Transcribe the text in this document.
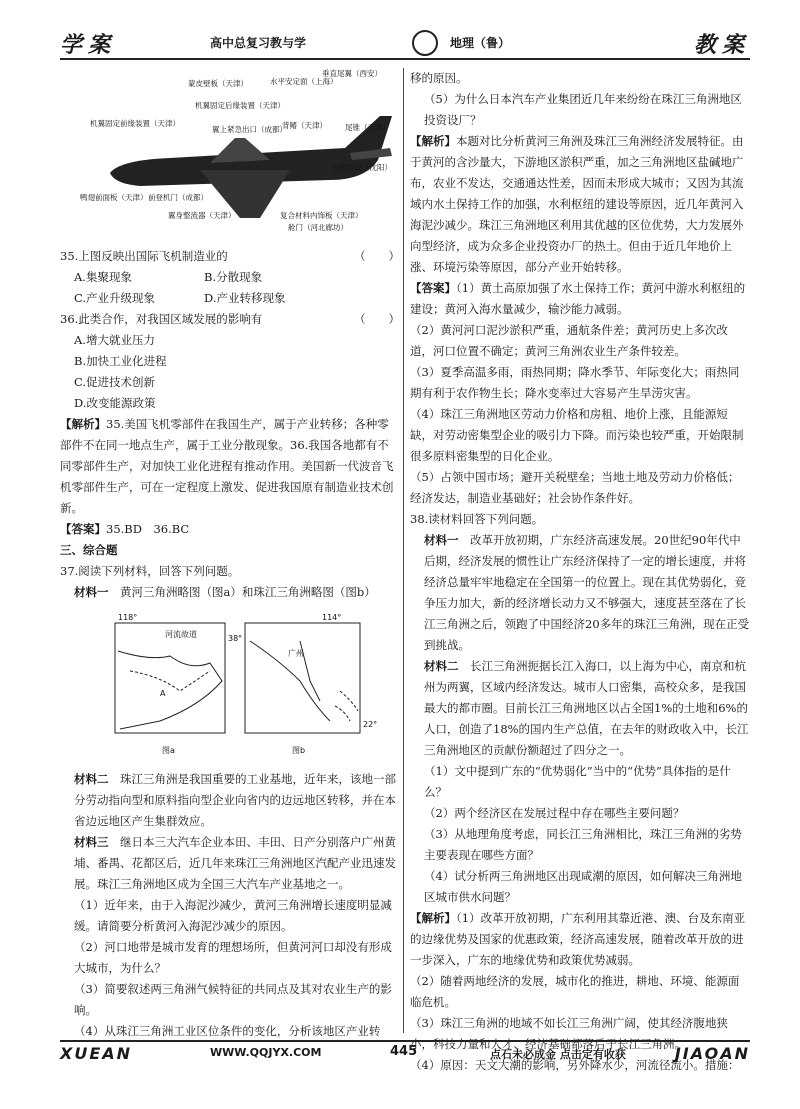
学案	高中总复习教与学	地理（鲁）	教案
蒙皮壁板（天津）	水平安定面（上海）
垂直尾翼（西安）
机翼固定后缘装置（天津）
机翼固定前缘装置（天津）
翼上紧急出口（成都）
背鳍（天津） 尾锥（天津）
后机身段（沈阳）
鸭翅前面板（天津） 前登机门（成都）
翼身整流器（天津）	复合材料内饰板（天津）
舱门（河北廊坊）

35.上图反映出国际飞机制造业的	（　　）

A.集聚现象	B.分散现象

C.产业升级现象	D.产业转移现象

36.此类合作，对我国区域发展的影响有	（　　）

A.增大就业压力

B.加快工业化进程

C.促进技术创新

D.改变能源政策

【解析】35.美国飞机零部件在我国生产，属于产业转移；各种零部件不在同一地点生产，属于工业分散现象。36.我国各地都有不同零部件生产，对加快工业化进程有推动作用。美国新一代波音飞机零部件生产，可在一定程度上激发、促进我国原有制造业技术创新。

【答案】35.BD　36.BC

三、综合题

37.阅读下列材料，回答下列问题。

材料一　 黄河三角洲略图（图a）和珠江三角洲略图（图b）

118°
38°
河流故道
A
图a
114°
22°
广州
图b

材料二　 珠江三角洲是我国重要的工业基地，近年来，该地一部分劳动指向型和原料指向型企业向省内的边远地区转移，并在本省边远地区产生集群效应。

材料三　 继日本三大汽车企业本田、丰田、日产分别落户广州黄埔、番禺、花都区后，近几年来珠江三角洲地区汽配产业迅速发展。珠江三角洲地区成为全国三大汽车产业基地之一。

（1）近年来，由于入海泥沙减少，黄河三角洲增长速度明显减缓。请简要分析黄河入海泥沙减少的原因。

（2）河口地带是城市发育的理想场所，但黄河河口却没有形成大城市，为什么？

（3）简要叙述两三角洲气候特征的共同点及其对农业生产的影响。

（4）从珠江三角洲工业区位条件的变化，分析该地区产业转

移的原因。

（5）为什么日本汽车产业集团近几年来纷纷在珠江三角洲地区投资设厂？

【解析】本题对比分析黄河三角洲及珠江三角洲经济发展特征。由于黄河的含沙量大，下游地区淤积严重，加之三角洲地区盐碱地广布，农业不发达，交通通达性差，因而未形成大城市；又因为其流域内水土保持工作的加强，水利枢纽的建设等原因，近几年黄河入海泥沙减少。珠江三角洲地区利用其优越的区位优势，大力发展外向型经济，成为众多企业投资办厂的热土。但由于近几年地价上涨、环境污染等原因，部分产业开始转移。

【答案】（1）黄土高原加强了水土保持工作；黄河中游水利枢纽的建设；黄河入海水量减少，输沙能力减弱。

（2）黄河河口泥沙淤积严重，通航条件差；黄河历史上多次改道，河口位置不确定；黄河三角洲农业生产条件较差。

（3）夏季高温多雨，雨热同期；降水季节、年际变化大；雨热同期有利于农作物生长；降水变率过大容易产生旱涝灾害。

（4）珠江三角洲地区劳动力价格和房租、地价上涨，且能源短缺，对劳动密集型企业的吸引力下降。而污染也较严重，开始限制很多原料密集型的日化企业。

（5）占领中国市场；避开关税壁垒；当地土地及劳动力价格低；经济发达，制造业基础好；社会协作条件好。

38.读材料回答下列问题。

材料一　 改革开放初期，广东经济高速发展。20世纪90年代中后期，经济发展的惯性让广东经济保持了一定的增长速度，并将经济总量牢牢地稳定在全国第一的位置上。现在其优势弱化，竞争压力加大，新的经济增长动力又不够强大，速度甚至落在了长江三角洲之后，领跑了中国经济20多年的珠江三角洲，现在正受到挑战。

材料二　 长江三角洲扼据长江入海口，以上海为中心，南京和杭州为两翼，区域内经济发达。城市人口密集，高校众多，是我国最大的都市圈。目前长江三角洲地区以占全国1%的土地和6%的人口，创造了18%的国内生产总值，在去年的财政收入中，长江三角洲地区的贡献份额超过了四分之一。

（1）文中提到广东的“优势弱化”当中的“优势”具体指的是什么？

（2）两个经济区在发展过程中存在哪些主要问题？

（3）从地理角度考虑，同长江三角洲相比，珠江三角洲的劣势主要表现在哪些方面？

（4）试分析两三角洲地区出现咸潮的原因，如何解决三角洲地区城市供水问题？

【解析】（1）改革开放初期，广东利用其靠近港、澳、台及东南亚的边缘优势及国家的优惠政策，经济高速发展，随着改革开放的进一步深入，广东的地缘优势和政策优势减弱。

（2）随着两地经济的发展，城市化的推进，耕地、环境、能源面临危机。

（3）珠江三角洲的地域不如长江三角洲广阔，使其经济腹地狭小，科技力量和人才、经济基础都落后于长江三角洲。

（4）原因：天文大潮的影响，另外降水少，河流径流小。措施：

XUEAN	WWW.QQJYX.COM	445	点石未必成金 点击定有收获	JIAOAN
